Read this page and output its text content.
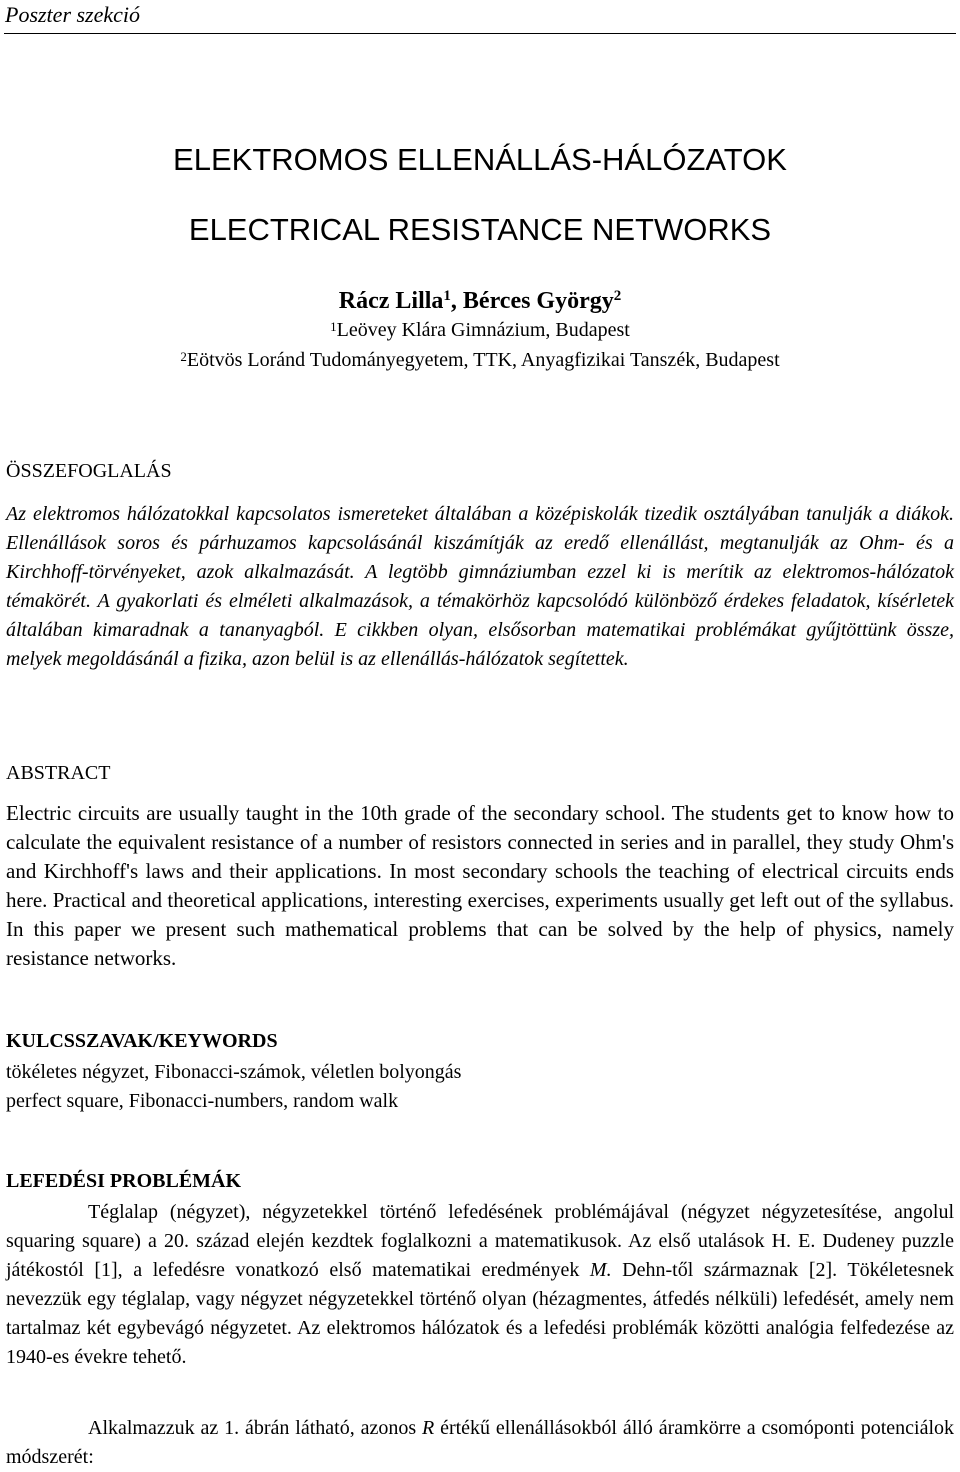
Poszter szekció
ELEKTROMOS ELLENÁLLÁS-HÁLÓZATOK
ELECTRICAL RESISTANCE NETWORKS
Rácz Lilla$^1$, Bérces György$^2$
$^1$Leövey Klára Gimnázium, Budapest
$^2$Eötvös Loránd Tudományegyetem, TTK, Anyagfizikai Tanszék, Budapest
ÖSSZEFOGLALÁS
Az elektromos hálózatokkal kapcsolatos ismereteket általában a középiskolák tizedik osztályában tanulják a diákok. Ellenállások soros és párhuzamos kapcsolásánál kiszámítják az eredő ellenállást, megtanulják az Ohm- és a Kirchhoff-törvényeket, azok alkalmazását. A legtöbb gimnáziumban ezzel ki is merítik az elektromos-hálózatok témakörét. A gyakorlati és elméleti alkalmazások, a témakörhöz kapcsolódó különböző érdekes feladatok, kísérletek általában kimaradnak a tananyagból. E cikkben olyan, elsősorban matematikai problémákat gyűjtöttünk össze, melyek megoldásánál a fizika, azon belül is az ellenállás-hálózatok segítettek.
ABSTRACT
Electric circuits are usually taught in the 10th grade of the secondary school. The students get to know how to calculate the equivalent resistance of a number of resistors connected in series and in parallel, they study Ohm's and Kirchhoff's laws and their applications. In most secondary schools the teaching of electrical circuits ends here. Practical and theoretical applications, interesting exercises, experiments usually get left out of the syllabus. In this paper we present such mathematical problems that can be solved by the help of physics, namely resistance networks.
KULCSSZAVAK/KEYWORDS
tökéletes négyzet, Fibonacci-számok, véletlen bolyongás
perfect square, Fibonacci-numbers, random walk
LEFEDÉSI PROBLÉMÁK
Téglalap (négyzet), négyzetekkel történő lefedésének problémájával (négyzet négyzetesítése, angolul squaring square) a 20. század elején kezdtek foglalkozni a matematikusok. Az első utalások H. E. Dudeney puzzle játékostól [1], a lefedésre vonatkozó első matematikai eredmények M. Dehn-től származnak [2]. Tökéletesnek nevezzük egy téglalap, vagy négyzet négyzetekkel történő olyan (hézagmentes, átfedés nélküli) lefedését, amely nem tartalmaz két egybevágó négyzetet. Az elektromos hálózatok és a lefedési problémák közötti analógia felfedezése az 1940-es évekre tehető.
Alkalmazzuk az 1. ábrán látható, azonos R értékű ellenállásokból álló áramkörre a csomóponti potenciálok módszerét:
